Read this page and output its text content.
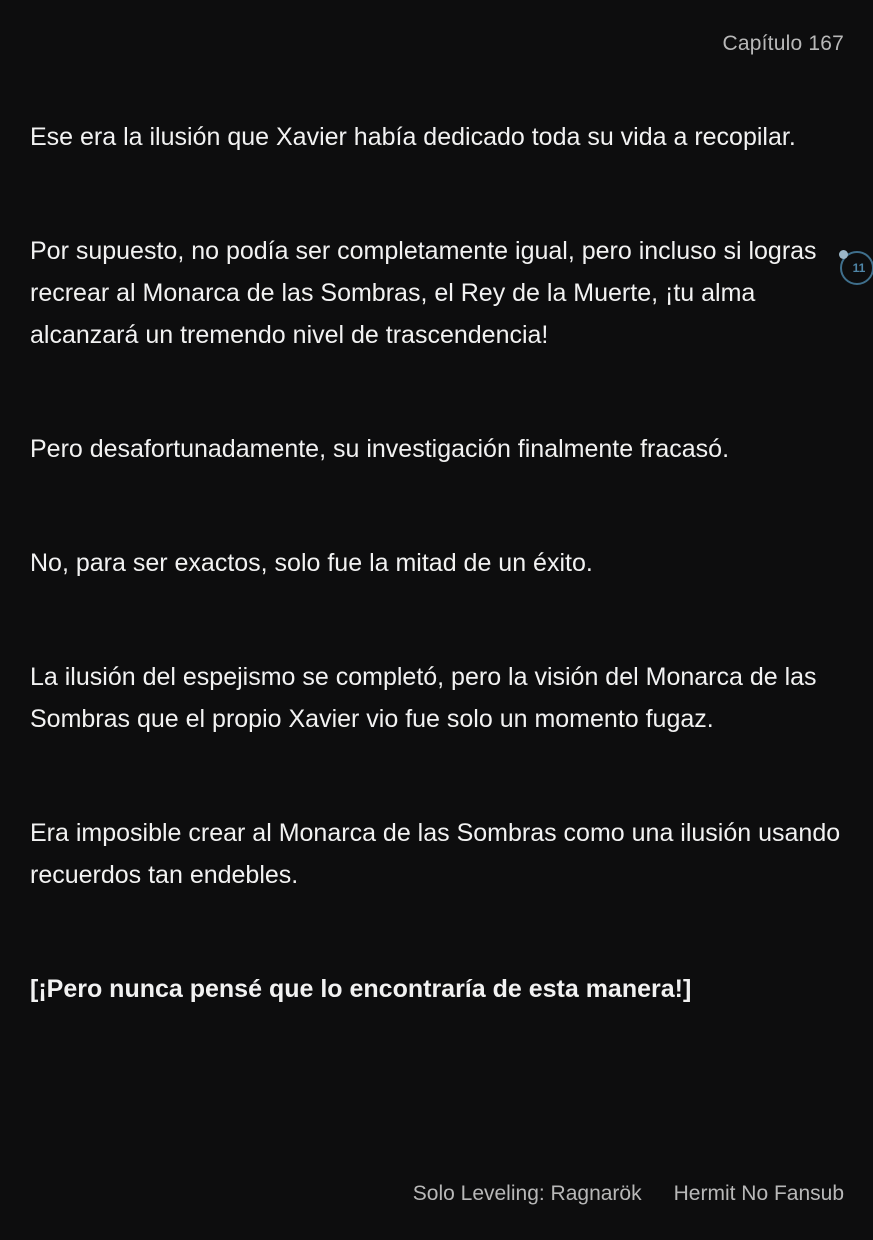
Capítulo 167

Ese era la ilusión que Xavier había dedicado toda su vida a recopilar.

Por supuesto, no podía ser completamente igual, pero incluso si logras recrear al Monarca de las Sombras, el Rey de la Muerte, ¡tu alma alcanzará un tremendo nivel de trascendencia!

Pero desafortunadamente, su investigación finalmente fracasó.

No, para ser exactos, solo fue la mitad de un éxito.

La ilusión del espejismo se completó, pero la visión del Monarca de las Sombras que el propio Xavier vio fue solo un momento fugaz.

Era imposible crear al Monarca de las Sombras como una ilusión usando recuerdos tan endebles.

[¡Pero nunca pensé que lo encontraría de esta manera!]

11
Solo Leveling: Ragnarök Hermit No Fansub
